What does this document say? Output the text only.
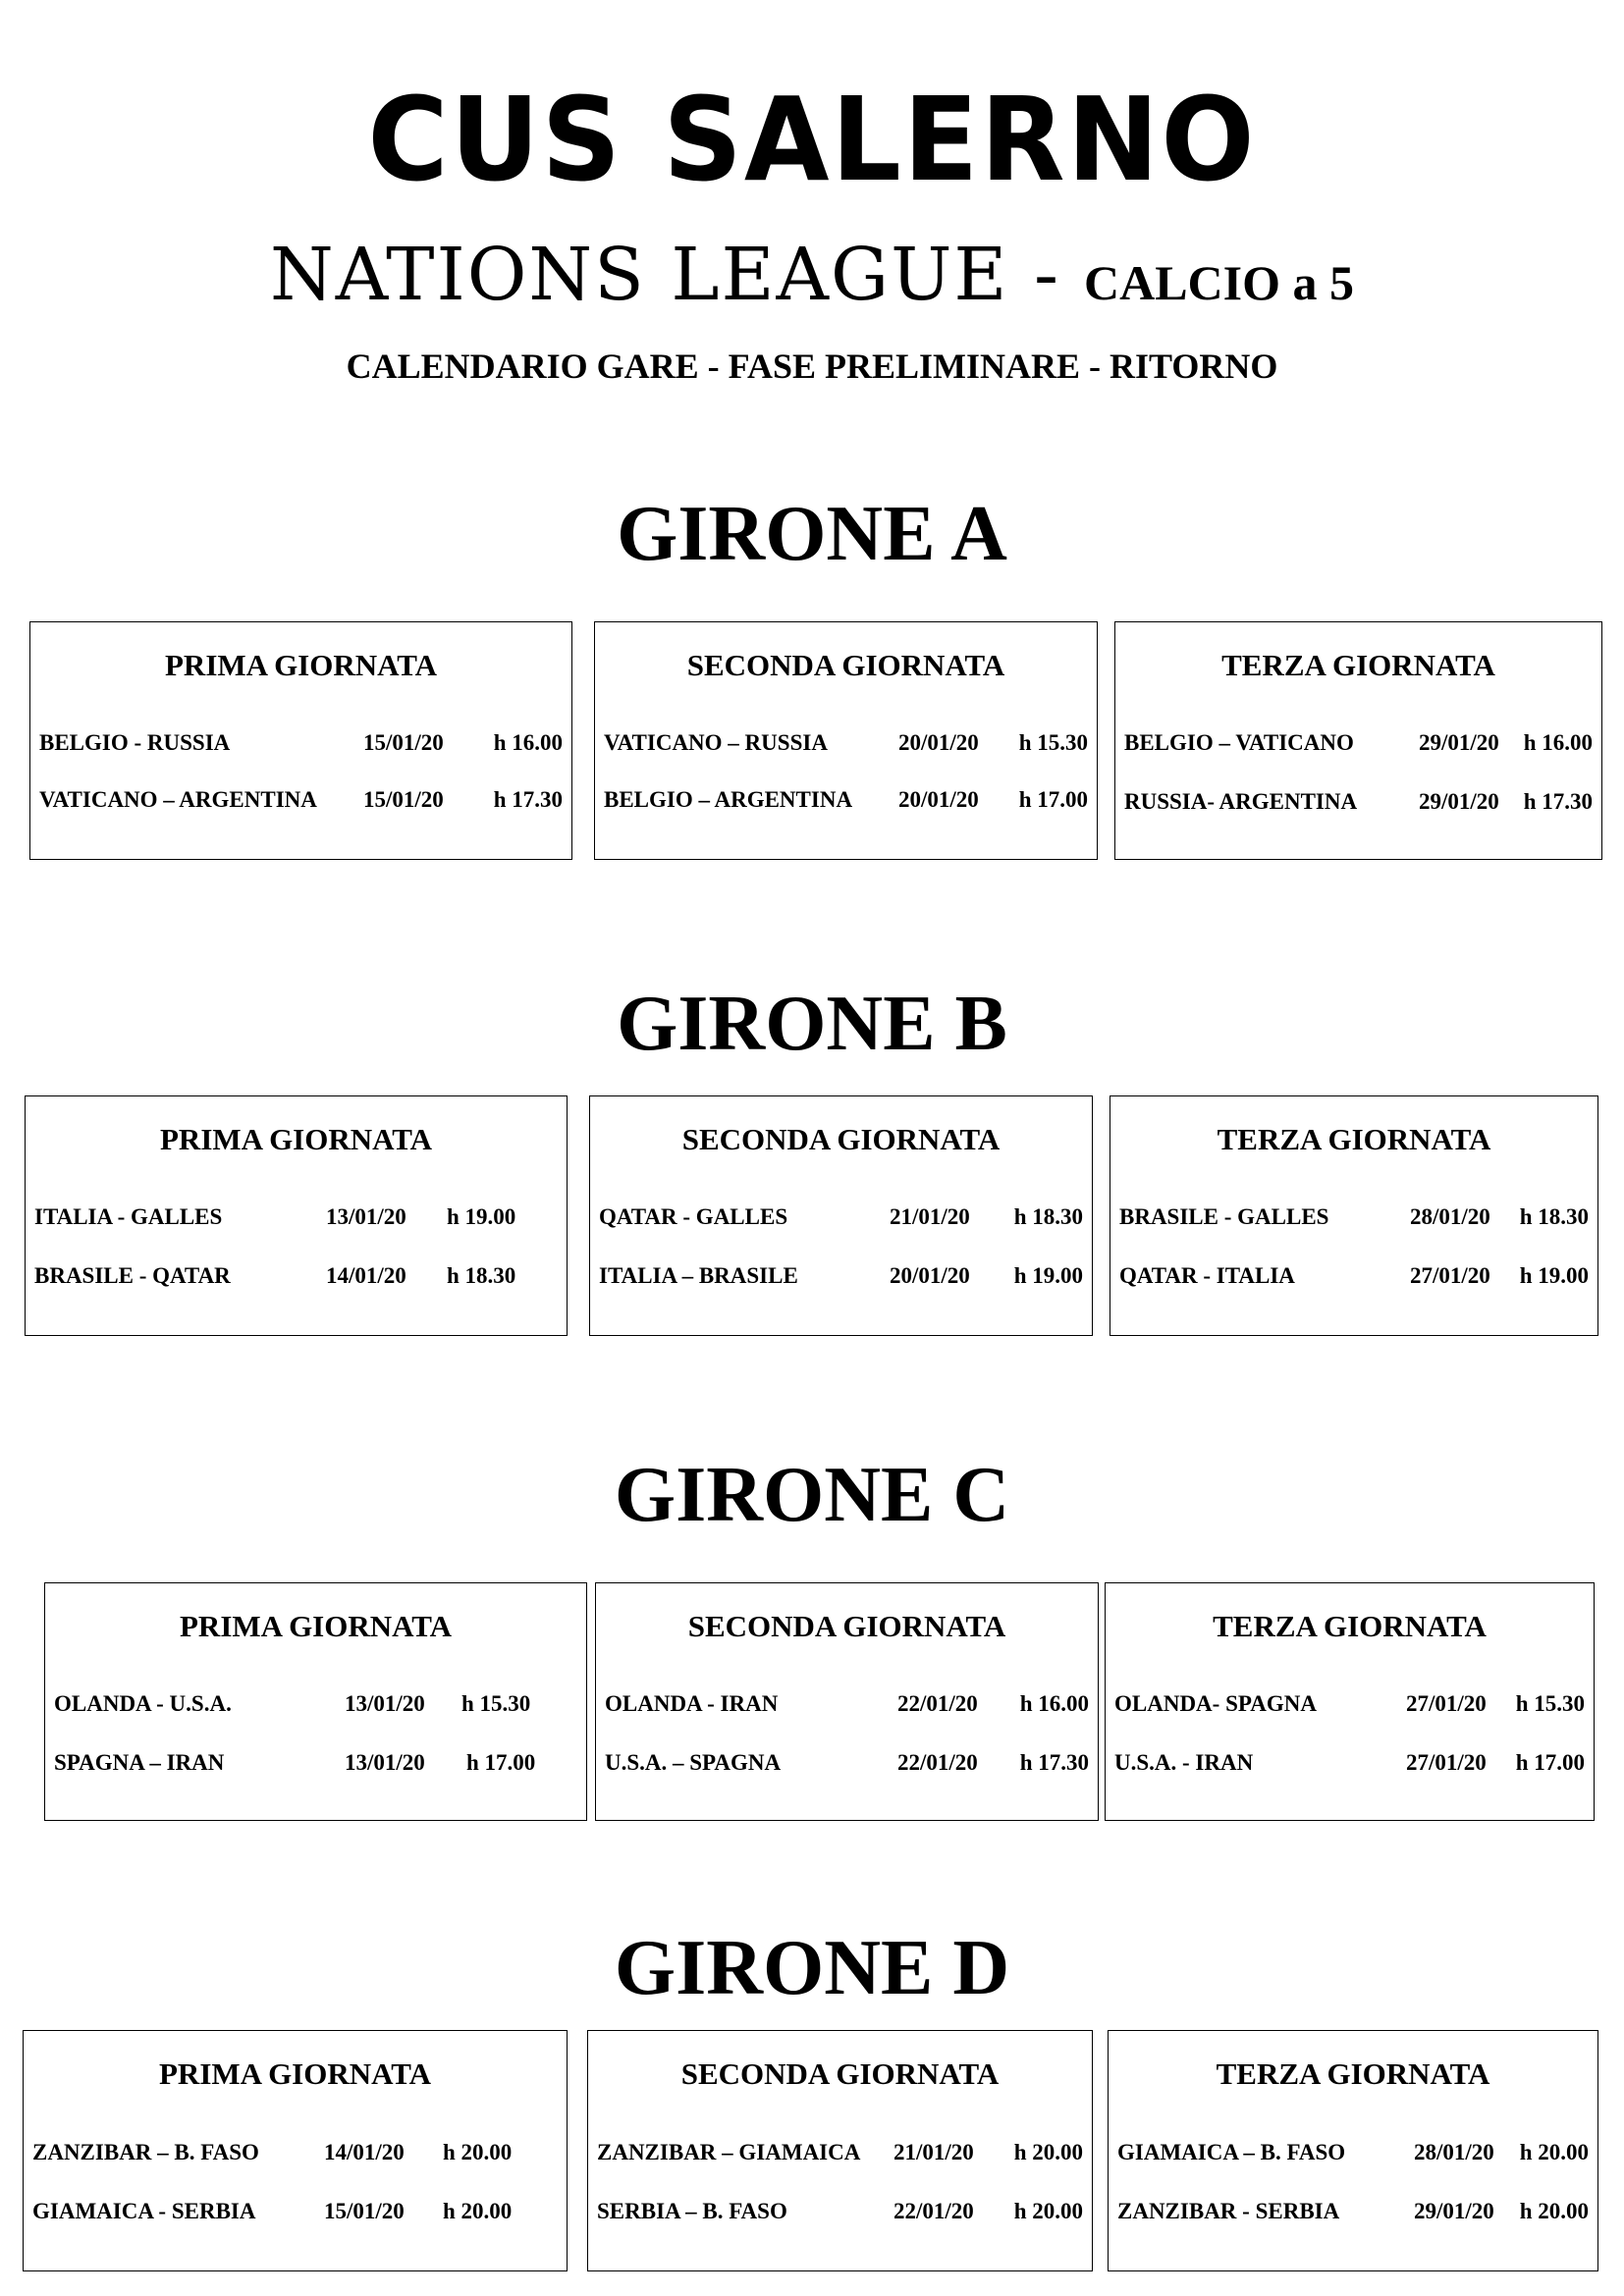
CUS SALERNO
NATIONS LEAGUE - CALCIO a 5
CALENDARIO GARE - FASE PRELIMINARE - RITORNO
GIRONE A
PRIMA GIORNATA
BELGIO - RUSSIA	15/01/20 h 16.00
VATICANO – ARGENTINA 15/01/20 h 17.30
SECONDA GIORNATA
VATICANO – RUSSIA	20/01/20 h 15.30
BELGIO – ARGENTINA 20/01/20 h 17.00
TERZA GIORNATA
BELGIO – VATICANO	29/01/20 h 16.00
RUSSIA- ARGENTINA	29/01/20 h 17.30
GIRONE B
PRIMA GIORNATA
ITALIA - GALLES	13/01/20 h 19.00
BRASILE - QATAR	14/01/20 h 18.30
SECONDA GIORNATA
QATAR - GALLES	21/01/20 h 18.30
ITALIA – BRASILE	20/01/20 h 19.00
TERZA GIORNATA
BRASILE - GALLES	28/01/20 h 18.30
QATAR - ITALIA	27/01/20 h 19.00
GIRONE C
PRIMA GIORNATA
OLANDA - U.S.A.	13/01/20 h 15.30
SPAGNA – IRAN	13/01/20 h 17.00
SECONDA GIORNATA
OLANDA - IRAN	22/01/20 h 16.00
U.S.A. – SPAGNA	22/01/20 h 17.30
TERZA GIORNATA
OLANDA- SPAGNA	27/01/20 h 15.30
U.S.A. - IRAN	27/01/20 h 17.00
GIRONE D
PRIMA GIORNATA
ZANZIBAR – B. FASO	14/01/20 h 20.00
GIAMAICA - SERBIA	15/01/20 h 20.00
SECONDA GIORNATA
ZANZIBAR – GIAMAICA 21/01/20 h 20.00
SERBIA – B. FASO	22/01/20 h 20.00
TERZA GIORNATA
GIAMAICA – B. FASO	28/01/20 h 20.00
ZANZIBAR - SERBIA	29/01/20 h 20.00
